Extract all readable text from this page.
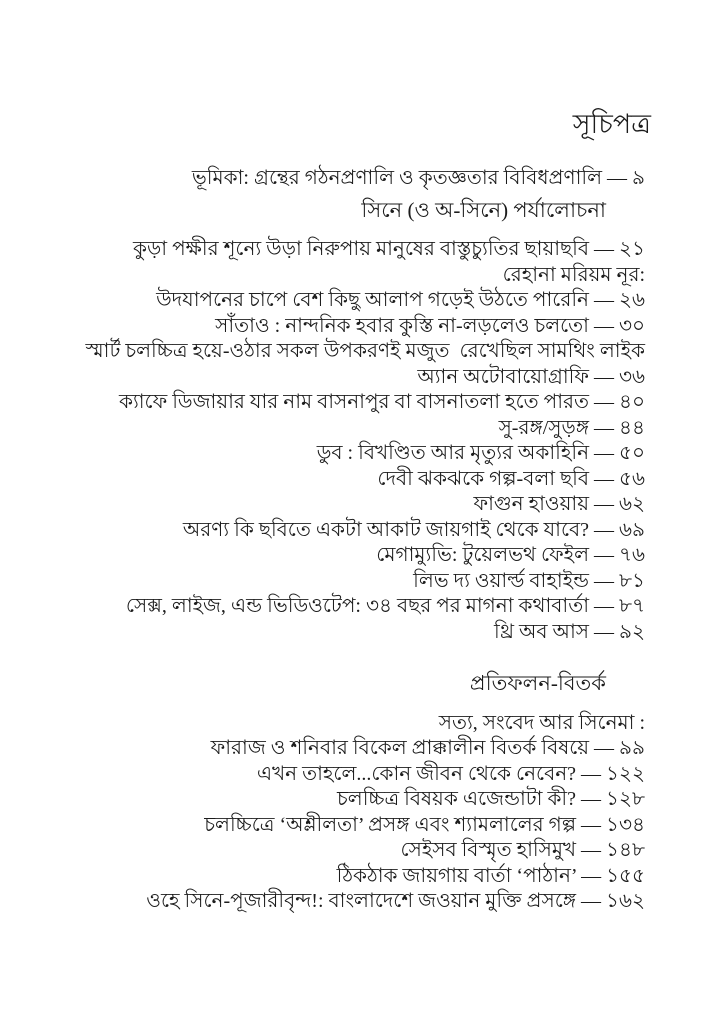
সূচিপত্র
ভূমিকা: গ্রন্থের গঠনপ্রণালি ও কৃতজ্ঞতার বিবিধপ্রণালি — ৯
সিনে (ও অ-সিনে) পর্যালোচনা
কুড়া পক্ষীর শূন্যে উড়া নিরুপায় মানুষের বাস্তুচ্যুতির ছায়াছবি — ২১
রেহানা মরিয়ম নূর:
উদযাপনের চাপে বেশ কিছু আলাপ গড়েই উঠতে পারেনি — ২৬
সাঁতাও : নান্দনিক হবার কুস্তি না-লড়লেও চলতো — ৩০
স্মার্ট চলচ্চিত্র হয়ে-ওঠার সকল উপকরণই মজুত  রেখেছিল সামথিং লাইক
অ্যান অটোবায়োগ্রাফি — ৩৬
ক্যাফে ডিজায়ার যার নাম বাসনাপুর বা বাসনাতলা হতে পারত — ৪০
সু-রঙ্গ/সুড়ঙ্গ — ৪৪
ডুব : বিখণ্ডিত আর মৃত্যুর অকাহিনি — ৫০
দেবী ঝকঝকে গল্প-বলা ছবি — ৫৬
ফাগুন হাওয়ায় — ৬২
অরণ্য কি ছবিতে একটা আকাট জায়গাই থেকে যাবে? — ৬৯
মেগাম্যুভি: টুয়েলভথ ফেইল — ৭৬
লিভ দ্য ওয়ার্ল্ড বাহাইন্ড — ৮১
সেক্স, লাইজ, এন্ড ভিডিওটেপ: ৩৪ বছর পর মাগনা কথাবার্তা — ৮৭
থ্রি অব আস — ৯২
প্রতিফলন-বিতর্ক
সত্য, সংবেদ আর সিনেমা :
ফারাজ ও শনিবার বিকেল প্রাক্কালীন বিতর্ক বিষয়ে — ৯৯
এখন তাহলে...কোন জীবন থেকে নেবেন? — ১২২
চলচ্চিত্র বিষয়ক এজেন্ডাটা কী? — ১২৮
চলচ্চিত্রে ‘অশ্লীলতা’ প্রসঙ্গ এবং শ্যামলালের গল্প — ১৩৪
সেইসব বিস্মৃত হাসিমুখ — ১৪৮
ঠিকঠাক জায়গায় বার্তা ‘পাঠান’ — ১৫৫
ওহে সিনে-পূজারীবৃন্দ!: বাংলাদেশে জওয়ান মুক্তি প্রসঙ্গে — ১৬২
